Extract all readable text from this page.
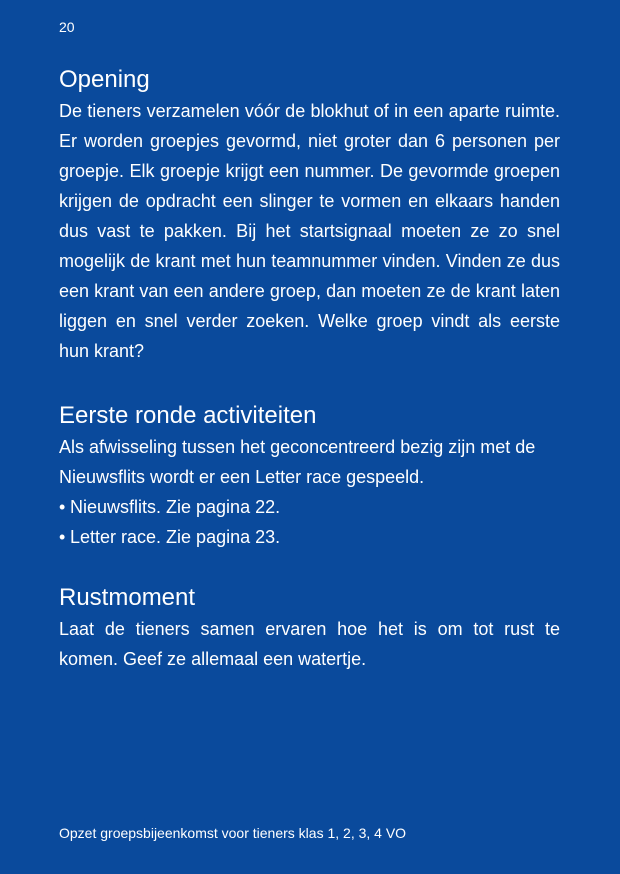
20
Opening

De tieners verzamelen vóór de blokhut of in een aparte ruimte. Er worden groepjes gevormd, niet groter dan 6 personen per groepje. Elk groepje krijgt een nummer. De gevormde groepen krijgen de opdracht een slinger te vormen en elkaars handen dus vast te pakken. Bij het startsignaal moeten ze zo snel mogelijk de krant met hun teamnummer vinden. Vinden ze dus een krant van een andere groep, dan moeten ze de krant laten liggen en snel verder zoeken. Welke groep vindt als eerste hun krant?

Eerste ronde activiteiten

Als afwisseling tussen het geconcentreerd bezig zijn met de Nieuwsflits wordt er een Letter race gespeeld.

• Nieuwsflits. Zie pagina 22.
• Letter race. Zie pagina 23.
Rustmoment

Laat de tieners samen ervaren hoe het is om tot rust te komen. Geef ze allemaal een watertje.

Opzet groepsbijeenkomst voor tieners klas 1, 2, 3, 4 VO
